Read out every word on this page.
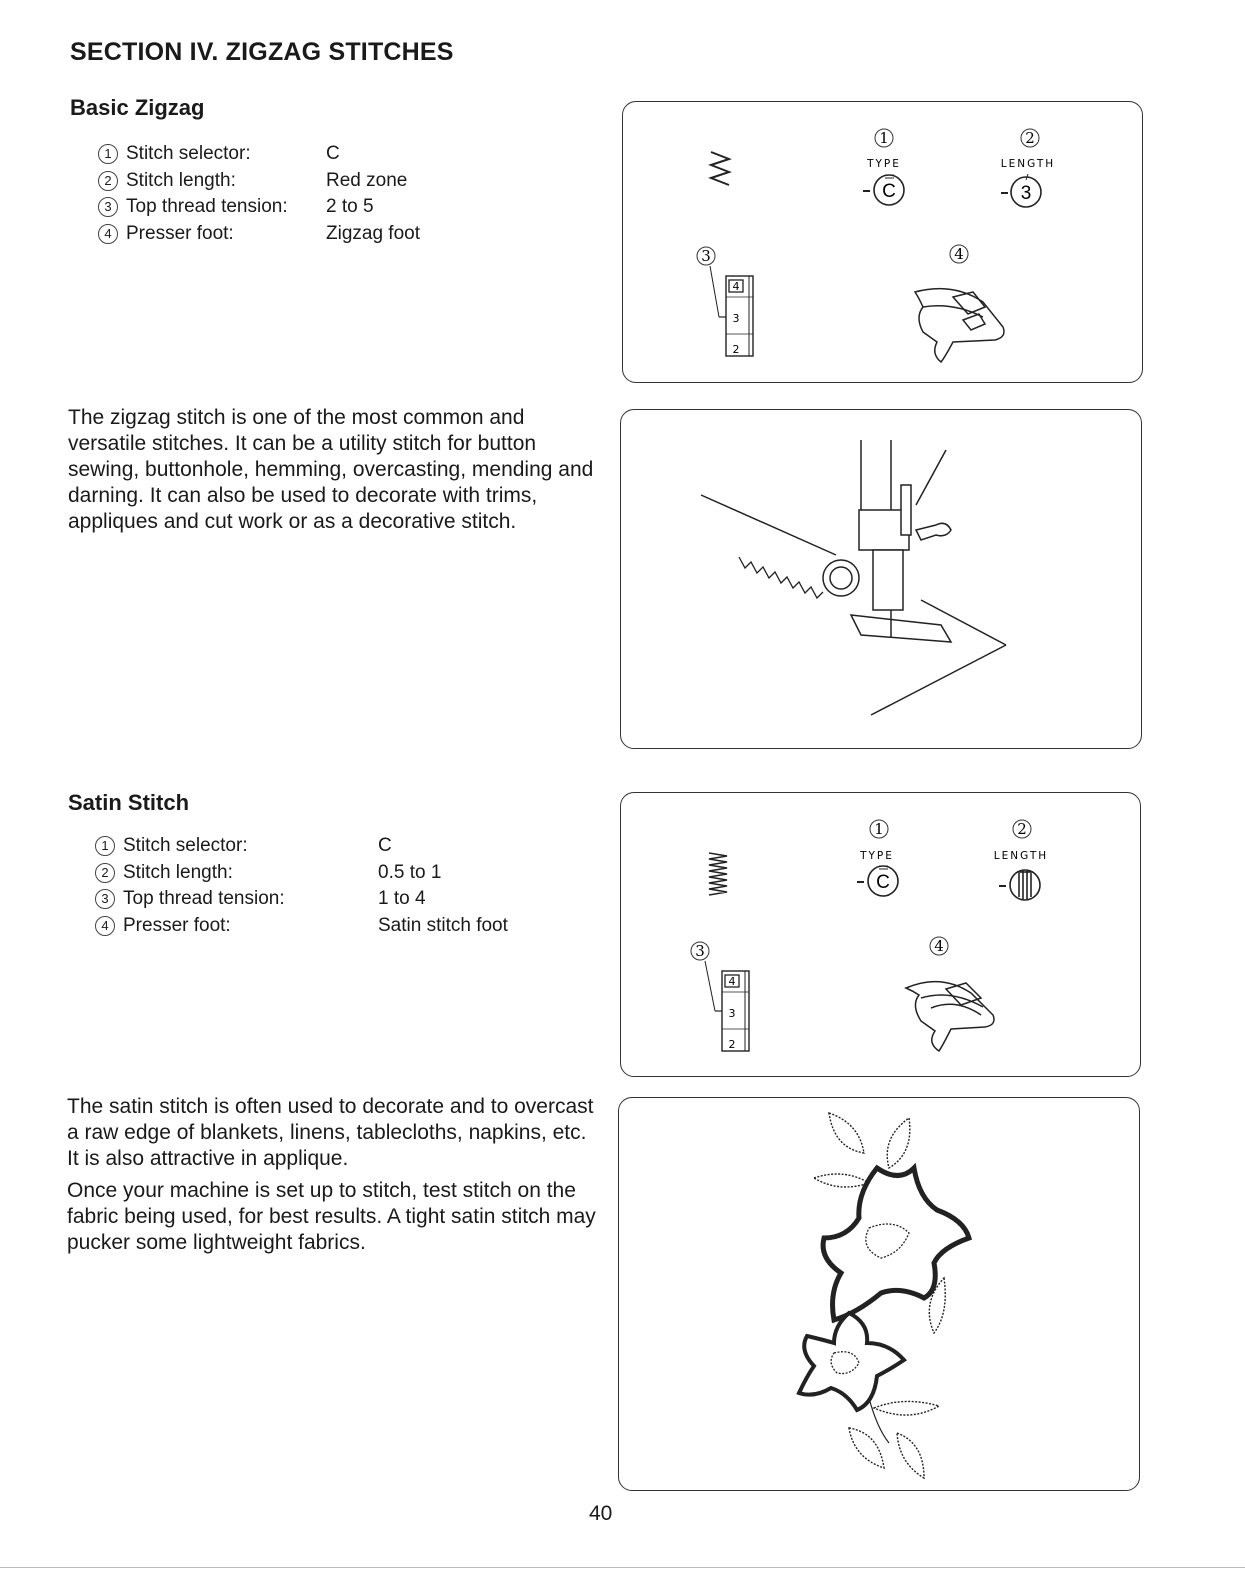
SECTION IV. ZIGZAG STITCHES
Basic Zigzag
1 Stitch selector:	C
2 Stitch length:	Red zone
3 Top thread tension:	2 to 5
4 Presser foot:	Zigzag foot

The zigzag stitch is one of the most common and versatile stitches. It can be a utility stitch for button sewing, buttonhole, hemming, overcasting, mending and darning. It can also be used to decorate with trims, appliques and cut work or as a decorative stitch.

1
TYPE
C
2
LENGTH
3
3
4
3
2
4
Satin Stitch
1 Stitch selector:	C
2 Stitch length:	0.5 to 1
3 Top thread tension:	1 to 4
4 Presser foot:	Satin stitch foot

The satin stitch is often used to decorate and to overcast a raw edge of blankets, linens, tablecloths, napkins, etc. It is also attractive in applique.

Once your machine is set up to stitch, test stitch on the fabric being used, for best results. A tight satin stitch may pucker some lightweight fabrics.

1
TYPE
C
2
LENGTH
3
4
3
2
4
40
